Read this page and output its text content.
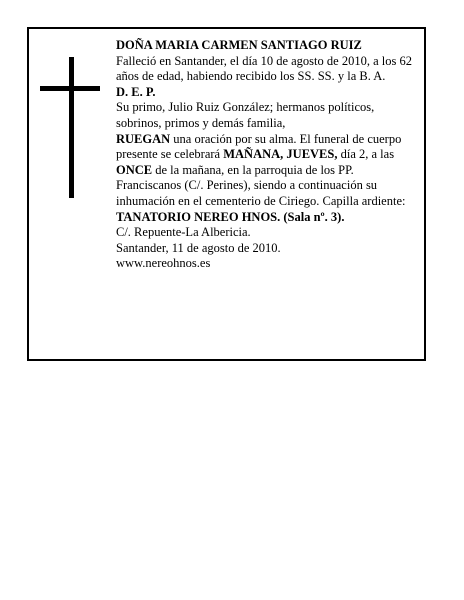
DOÑA MARIA CARMEN SANTIAGO RUIZ

Falleció en Santander, el día 10 de agosto de 2010, a los 62 años de edad, habiendo recibido los SS. SS. y la B. A.

D. E. P.

Su primo, Julio Ruiz González; hermanos políticos, sobrinos, primos y demás familia,

RUEGAN una oración por su alma. El funeral de cuerpo presente se celebrará MAÑANA, JUEVES, día 2, a las ONCE de la mañana, en la parroquia de los PP. Franciscanos (C/. Perines), siendo a continuación su inhumación en el cementerio de Ciriego. Capilla ardiente: TANATORIO NEREO HNOS. (Sala nº. 3).

C/. Repuente-La Albericia.

Santander, 11 de agosto de 2010.

www.nereohnos.es
